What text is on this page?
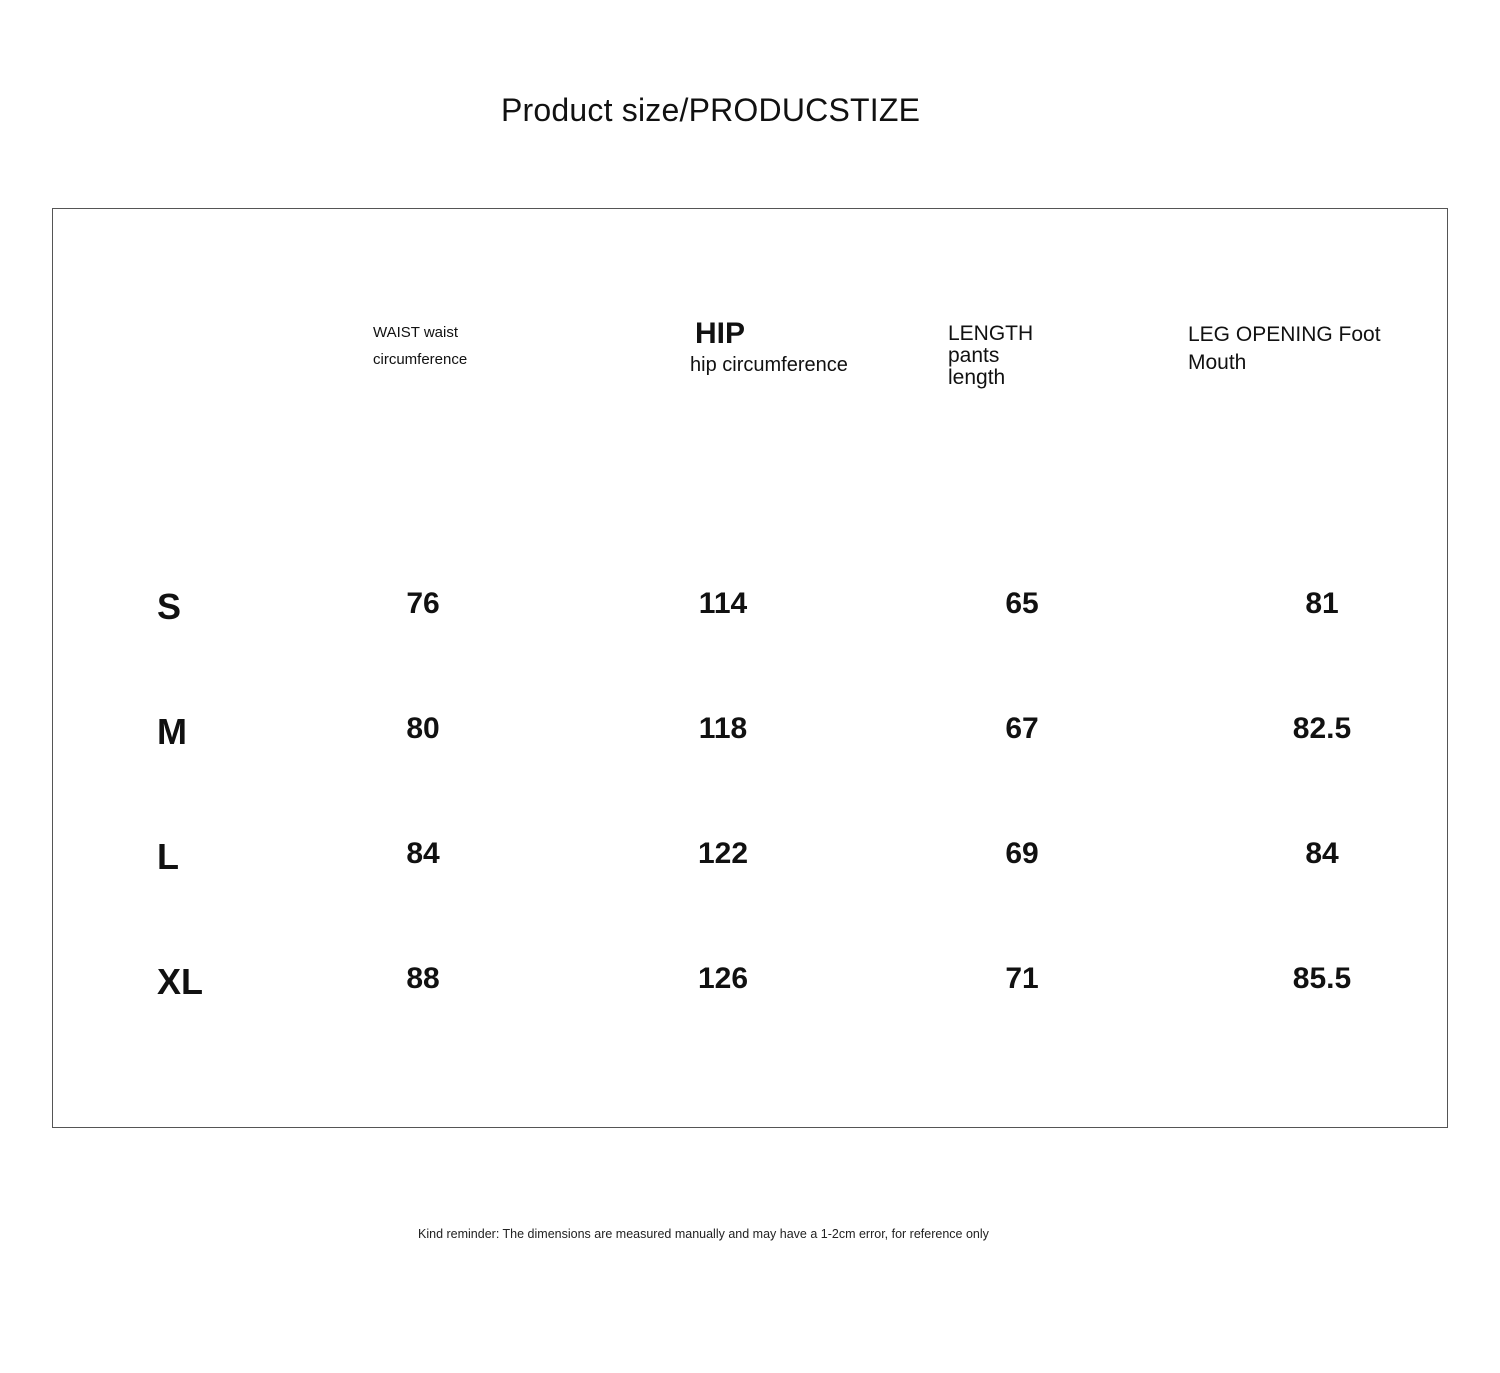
Product size/PRODUCSTIZE
WAIST waist circumference
HIP
hip circumference
LENGTH pants length
LEG OPENING Foot Mouth
S	76	114	65	81
M	80	118	67	82.5
L	84	122	69	84
XL	88	126	71	85.5
Kind reminder: The dimensions are measured manually and may have a 1-2cm error, for reference only
